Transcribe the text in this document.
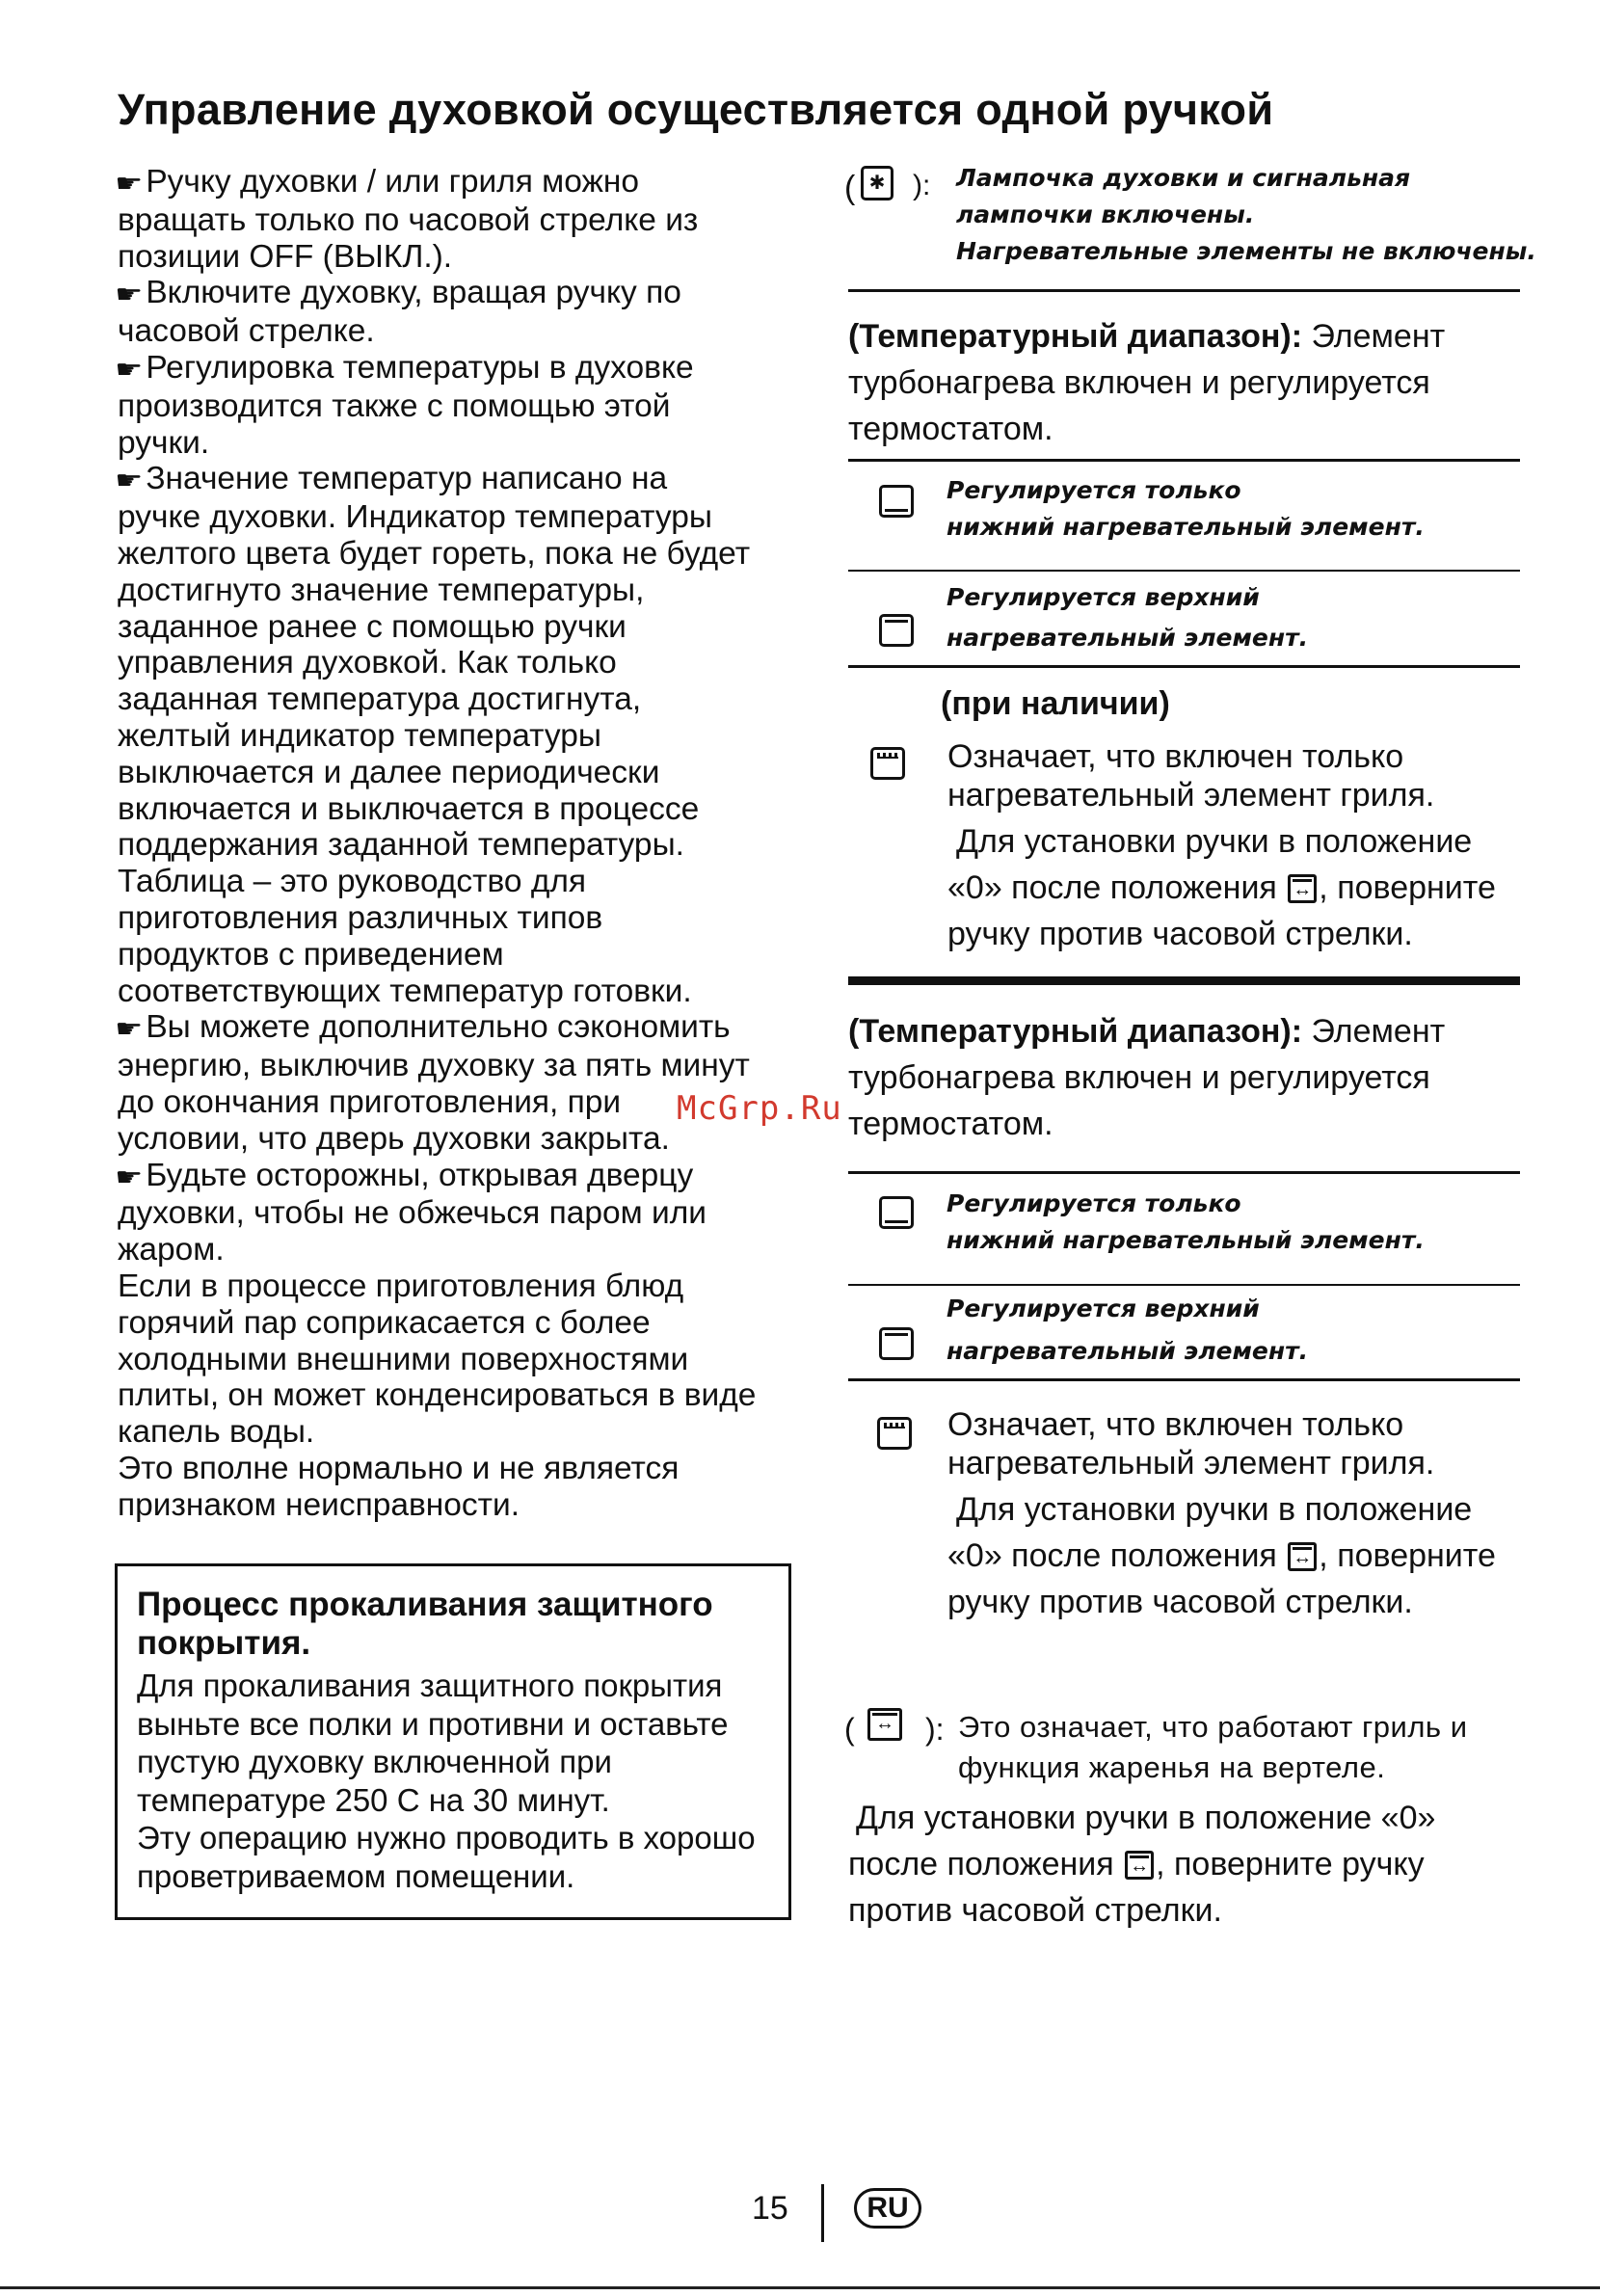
Управление духовкой осуществляется одной ручкой
☛Ручку духовки / или гриля можно
вращать только по часовой стрелке из
позиции OFF (ВЫКЛ.).
☛Включите духовку, вращая ручку по
часовой стрелке.
☛Регулировка температуры в духовке
производится также с помощью этой
ручки.
☛Значение температур написано на
ручке духовки. Индикатор температуры
желтого цвета будет гореть, пока не будет
достигнуто значение температуры,
заданное ранее с помощью ручки
управления духовкой. Как только
заданная температура достигнута,
желтый индикатор температуры
выключается и далее периодически
включается и выключается в процессе
поддержания заданной температуры.
Таблица – это руководство для
приготовления различных типов
продуктов с приведением
соответствующих температур готовки.
☛Вы можете дополнительно сэкономить
энергию, выключив духовку за пять минут
до окончания приготовления, при
условии, что дверь духовки закрыта.
☛Будьте осторожны, открывая дверцу
духовки, чтобы не обжечься паром или
жаром.
Если в процессе приготовления блюд
горячий пар соприкасается с более
холодными внешними поверхностями
плиты, он может конденсироваться в виде
капель воды.
Это вполне нормально и не является
признаком неисправности.
Процесс прокаливания защитного
покрытия.
Для прокаливания защитного покрытия
выньте все полки и противни и оставьте
пустую духовку включенной при
температуре 250 С на 30 минут.
Эту операцию нужно проводить в хорошо
проветриваемом помещении.
( ✱ ): Лампочка духовки и сигнальная
лампочки включены.
Нагревательные элементы не включены.
(Температурный диапазон): Элемент
турбонагрева включен и регулируется
термостатом.
Регулируется только
нижний нагревательный элемент.
Регулируется верхний
нагревательный элемент.
(при наличии)
Означает, что включен только
нагревательный элемент гриля.
Для установки ручки в положение
«0» после положения ↔, поверните
ручку против часовой стрелки.
(Температурный диапазон): Элемент
турбонагрева включен и регулируется
термостатом.
Регулируется только
нижний нагревательный элемент.
Регулируется верхний
нагревательный элемент.
Означает, что включен только
нагревательный элемент гриля.
Для установки ручки в положение
«0» после положения ↔, поверните
ручку против часовой стрелки.
(
↔ ): Это означает, что работают гриль и
функция жаренья на вертеле.
Для установки ручки в положение «0»
после положения ↔, поверните ручку
против часовой стрелки.
McGrp.Ru
15	RU
